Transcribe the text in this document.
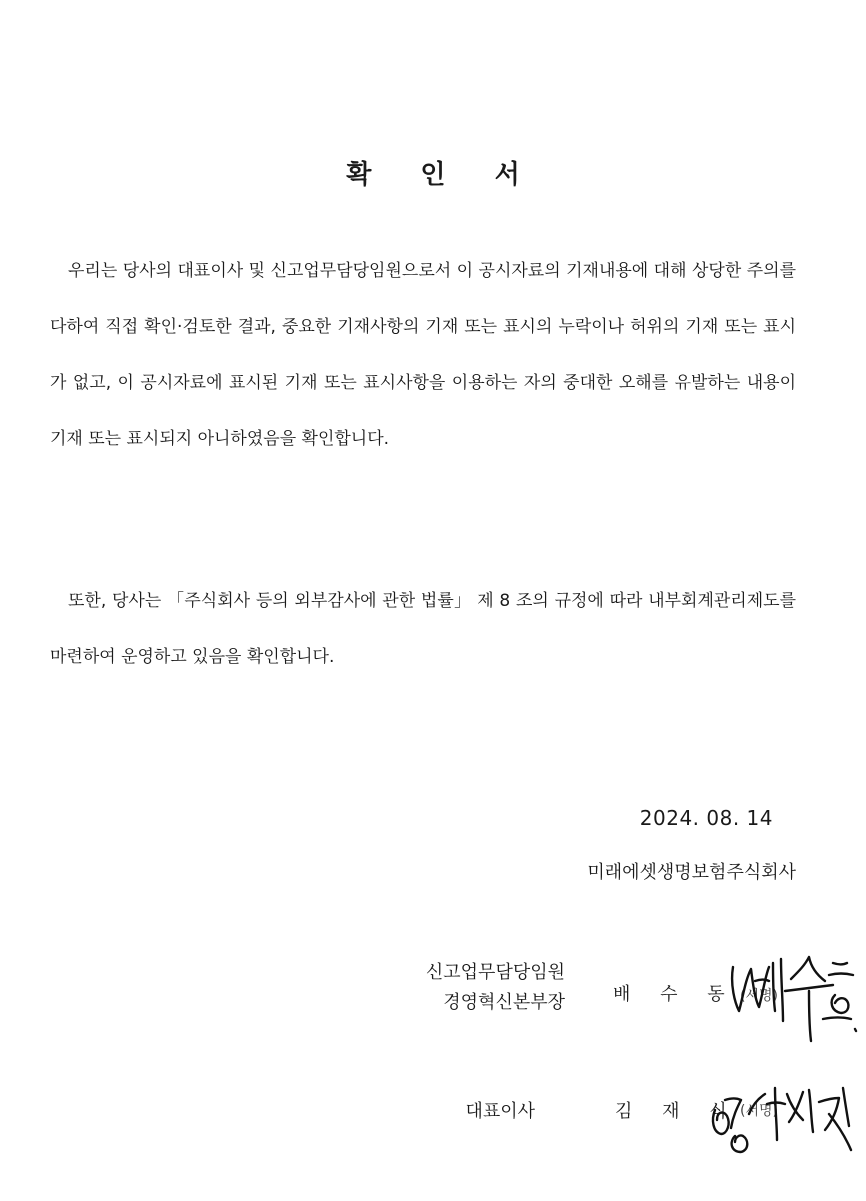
확 인 서
우리는 당사의 대표이사 및 신고업무담당임원으로서 이 공시자료의 기재내용에 대해 상당한 주의를 다하여 직접 확인·검토한 결과, 중요한 기재사항의 기재 또는 표시의 누락이나 허위의 기재 또는 표시가 없고, 이 공시자료에 표시된 기재 또는 표시사항을 이용하는 자의 중대한 오해를 유발하는 내용이 기재 또는 표시되지 아니하였음을 확인합니다.
또한, 당사는 「주식회사 등의 외부감사에 관한 법률」 제 8 조의 규정에 따라 내부회계관리제도를 마련하여 운영하고 있음을 확인합니다.
2024. 08. 14
미래에셋생명보험주식회사
신고업무담당임원
경영혁신본부장	배 수 동 (서명)
대표이사	김 재 식 (서명)
